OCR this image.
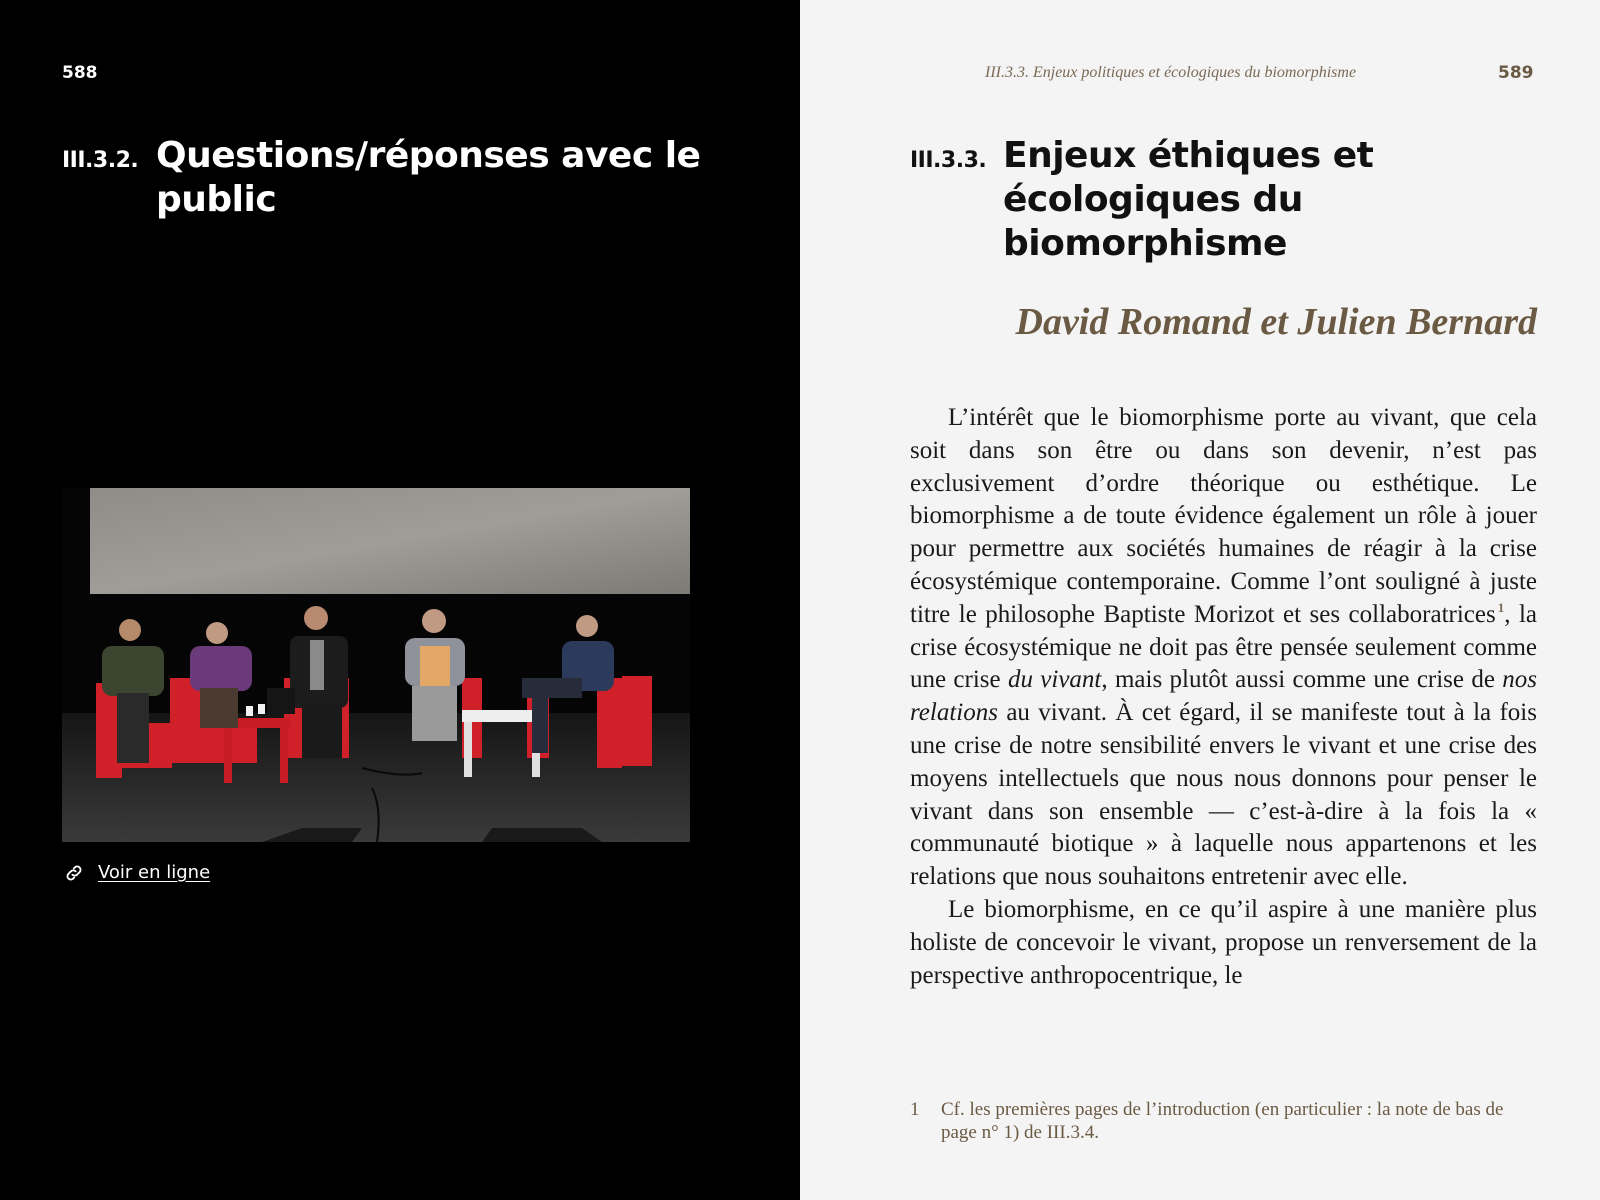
588
III.3.2. Questions/réponses avec le public
Voir en ligne
III.3.3. Enjeux politiques et écologiques du biomorphisme	589
III.3.3. Enjeux éthiques et écologiques du biomorphisme
David Romand et Julien Bernard

L’intérêt que le biomorphisme porte au vivant, que cela soit dans son être ou dans son devenir, n’est pas exclusivement d’ordre théorique ou esthétique. Le biomorphisme a de toute évidence également un rôle à jouer pour permettre aux sociétés humaines de réagir à la crise écosystémique contemporaine. Comme l’ont souligné à juste titre le philosophe Baptiste Morizot et ses collaboratrices $^1$, la crise écosystémique ne doit pas être pensée seulement comme une crise du vivant, mais plutôt aussi comme une crise de nos relations au vivant. À cet égard, il se manifeste tout à la fois une crise de notre sensibilité envers le vivant et une crise des moyens intellectuels que nous nous donnons pour penser le vivant dans son ensemble — c’est-à-dire à la fois la « communauté biotique » à laquelle nous appartenons et les relations que nous souhaitons entretenir avec elle.

Le biomorphisme, en ce qu’il aspire à une manière plus holiste de concevoir le vivant, propose un renversement de la perspective anthropocentrique, le

1	Cf. les premières pages de l’introduction (en particulier : la note de bas de page n° 1) de III.3.4.
